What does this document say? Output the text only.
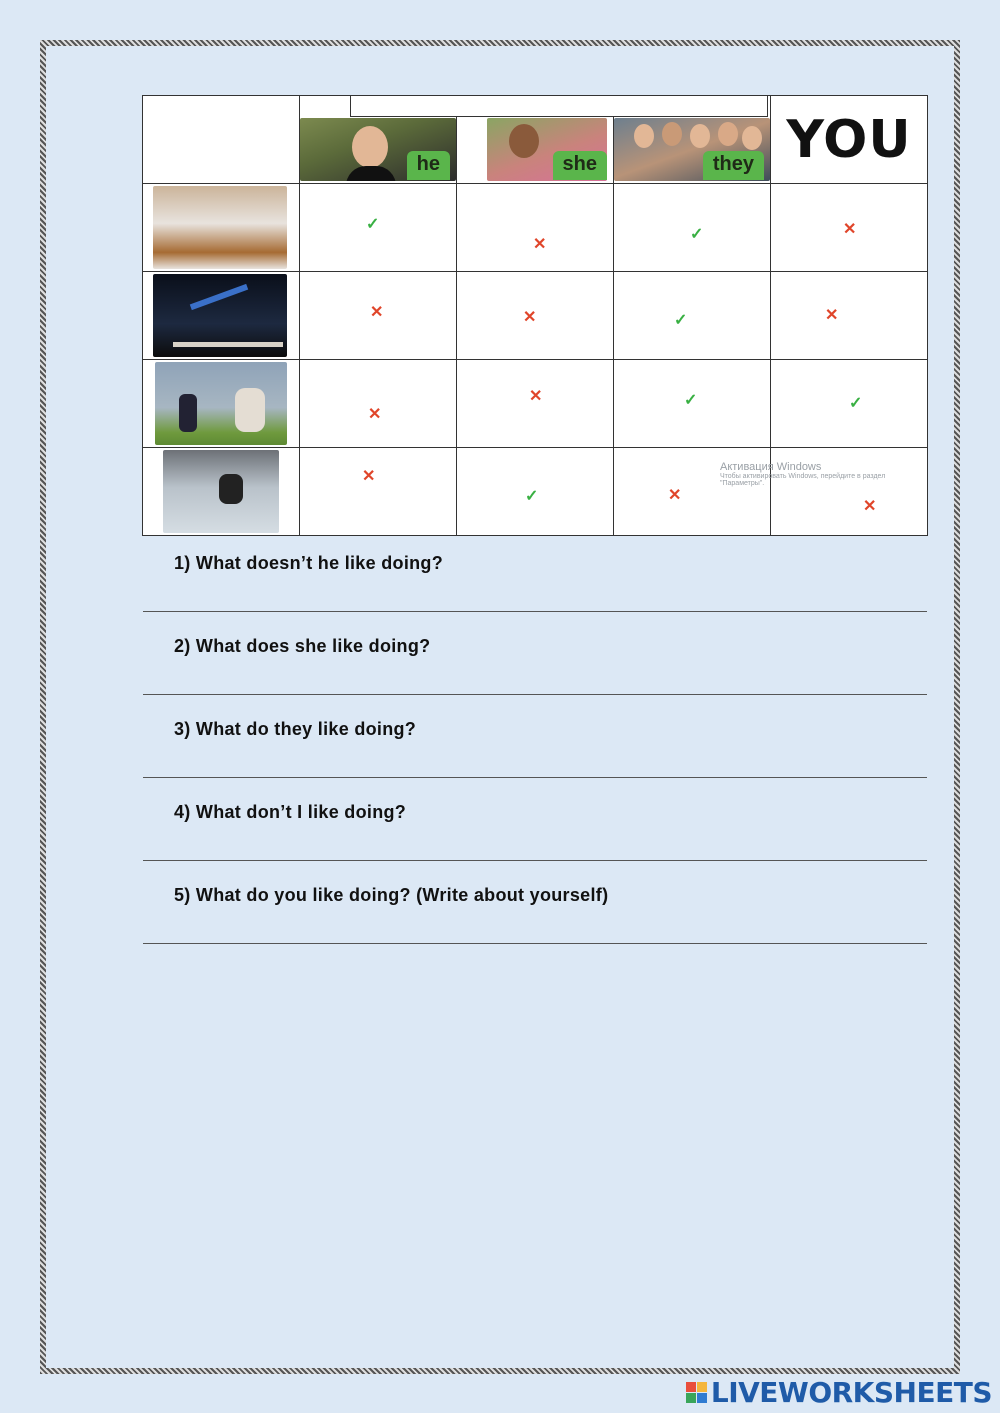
	he	she	they	YOU

	✓	✕	✓	✕

	✕	✕	✓	✕

	✕	✕	✓	✓

	✕	✓	✕	✕
Активация Windows
Чтобы активировать Windows, перейдите в раздел
"Параметры".
1) What doesn’t he like doing?
2) What does she like doing?
3) What do they like doing?
4) What don’t I like doing?
5) What do you like doing? (Write about yourself)
LIVEWORKSHEETS
